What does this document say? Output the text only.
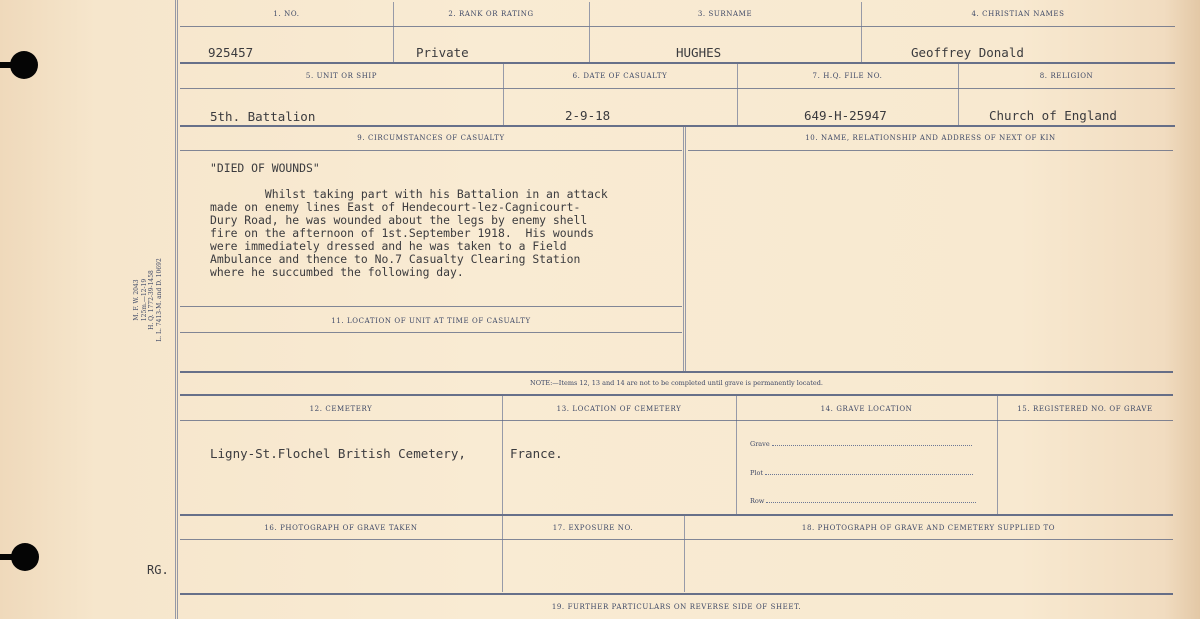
M. F. W. 2043 125m.—12-19 H. Q. 1772-39-1458 L. L. 7413-M. and D. 10692
RG.
1. NO.	2. RANK OR RATING	3. SURNAME	4. CHRISTIAN NAMES
925457	Private	HUGHES	Geoffrey Donald
5. UNIT OR SHIP	6. DATE OF CASUALTY	7. H.Q. FILE NO.	8. RELIGION
5th. Battalion	2-9-18	649-H-25947	Church of England
9. CIRCUMSTANCES OF CASUALTY	10. NAME, RELATIONSHIP AND ADDRESS OF NEXT OF KIN
"DIED OF WOUNDS"
Whilst taking part with his Battalion in an attack
made on enemy lines East of Hendecourt-lez-Cagnicourt-
Dury Road, he was wounded about the legs by enemy shell
fire on the afternoon of 1st.September 1918.  His wounds
were immediately dressed and he was taken to a Field
Ambulance and thence to No.7 Casualty Clearing Station
where he succumbed the following day.
11. LOCATION OF UNIT AT TIME OF CASUALTY
NOTE:—Items 12, 13 and 14 are not to be completed until grave is permanently located.
12. CEMETERY	13. LOCATION OF CEMETERY	14. GRAVE LOCATION	15. REGISTERED NO. OF GRAVE
Ligny-St.Flochel British Cemetery,	France.
Grave
Plot
Row
16. PHOTOGRAPH OF GRAVE TAKEN	17. EXPOSURE NO.	18. PHOTOGRAPH OF GRAVE AND CEMETERY SUPPLIED TO
19. FURTHER PARTICULARS ON REVERSE SIDE OF SHEET.
